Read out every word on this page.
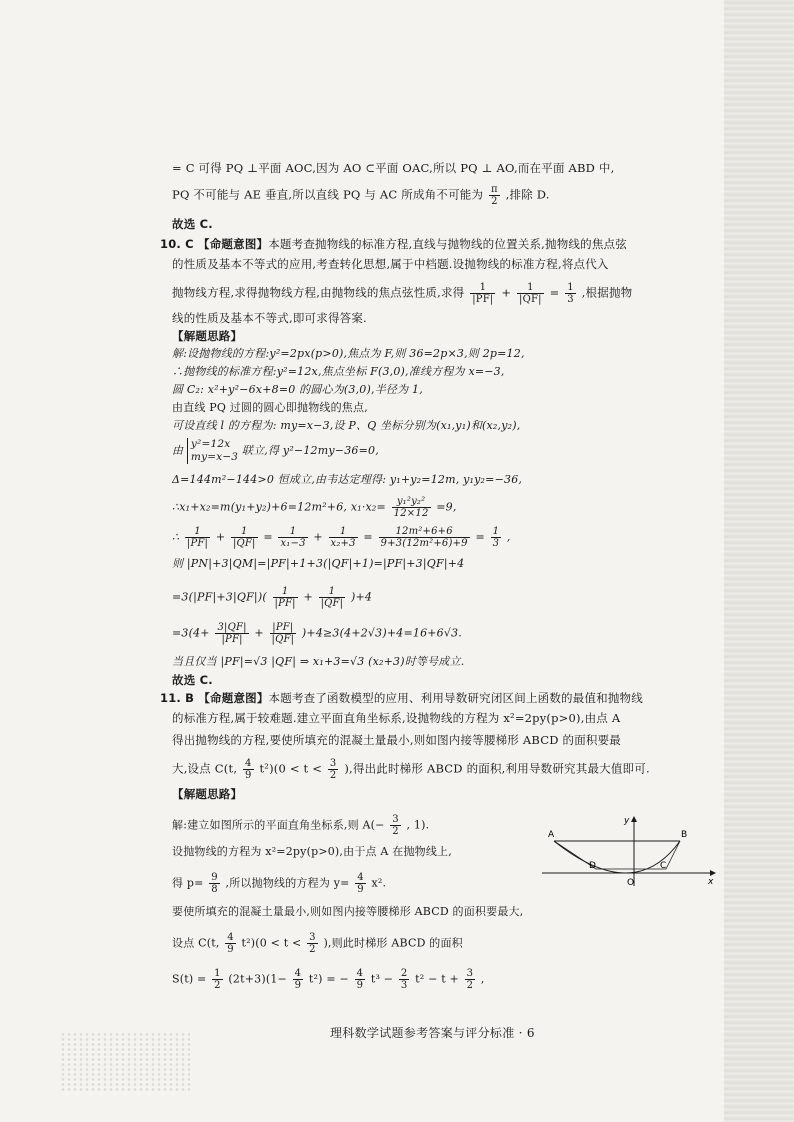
= C 可得 PQ ⊥平面 AOC,因为 AO ⊂平面 OAC,所以 PQ ⊥ AO,而在平面 ABD 中,
PQ 不可能与 AE 垂直,所以直线 PQ 与 AC 所成角不可能为 $\frac{\pi}{2}$ ,排除 D.
故选 C.
10. C 【命题意图】本题考查抛物线的标准方程,直线与抛物线的位置关系,抛物线的焦点弦
的性质及基本不等式的应用,考查转化思想,属于中档题.设抛物线的标准方程,将点代入
抛物线方程,求得抛物线方程,由抛物线的焦点弦性质,求得 $\frac{1}{|PF|} + \frac{1}{|QF|} = \frac{1}{3}$ ,根据抛物
线的性质及基本不等式,即可求得答案.
【解题思路】
解:设抛物线的方程:y²=2px(p>0),焦点为 F,则 36=2p×3,则 2p=12,
∴抛物线的标准方程:y²=12x,焦点坐标 F(3,0),准线方程为 x=−3,
圆 C₂: x²+y²−6x+8=0 的圆心为(3,0),半径为 1,
由直线 PQ 过圆的圆心即抛物线的焦点,
可设直线 l 的方程为: my=x−3,设 P、Q 坐标分别为(x₁,y₁)和(x₂,y₂),
由 y²=12x
my=x−3 联立,得 y²−12my−36=0,
Δ=144m²−144>0 恒成立,由韦达定理得: y₁+y₂=12m, y₁y₂=−36,
∴x₁+x₂=m(y₁+y₂)+6=12m²+6, $x_1\cdot x_2= \frac{\text{y₁²y₂²}}{12\times 12} =9$,
∴ $\frac{1}{|PF|} + \frac{1}{|QF|} = \frac{1}{\text{x₁−3}} + \frac{1}{\text{x₂+3}} = \frac{\text{12m²+6+6}}{\text{9+3(12m²+6)+9}} = \frac{1}{3}$ ,
则 |PN|+3|QM|=|PF|+1+3(|QF|+1)=|PF|+3|QF|+4
$=3(|PF|+3|QF|)( \frac{1}{|PF|} + \frac{1}{|QF|} )+4$
$=3(4+ \frac{3|QF|}{|PF|} + \frac{|PF|}{|QF|} )+4\ge 3(4+2√3)+4=16+6√3$.
当且仅当 |PF|=√3 |QF| ⇒ x₁+3=√3 (x₂+3)时等号成立.
故选 C.
11. B 【命题意图】本题考查了函数模型的应用、利用导数研究闭区间上函数的最值和抛物线
的标准方程,属于较难题.建立平面直角坐标系,设抛物线的方程为 x²=2py(p>0),由点 A
得出抛物线的方程,要使所填充的混凝土量最小,则如图内接等腰梯形 ABCD 的面积要最
大,设点 C(t, $\frac{4}{9} t^2)(0 < t < \frac{3}{2}$ ),得出此时梯形 ABCD 的面积,利用导数研究其最大值即可.
【解题思路】
解:建立如图所示的平面直角坐标系,则 $A(- \frac{3}{2}$ , 1).
设抛物线的方程为 x²=2py(p>0),由于点 A 在抛物线上,
得 $p= \frac{9}{8}$ ,所以抛物线的方程为 $y= \frac{4}{9} x^2$.
要使所填充的混凝土量最小,则如图内接等腰梯形 ABCD 的面积要最大,
设点 C(t, $\frac{4}{9} t^2)(0 < t < \frac{3}{2}$ ),则此时梯形 ABCD 的面积
$S(t) = \frac{1}{2} (2t+3)(1- \frac{4}{9} t^2)$ = − $\frac{4}{9} t^3 - \frac{2}{3} t^2 - t + \frac{3}{2}$ ,
A	B
D	C
O	x
y
理科数学试题参考答案与评分标准 · 6
